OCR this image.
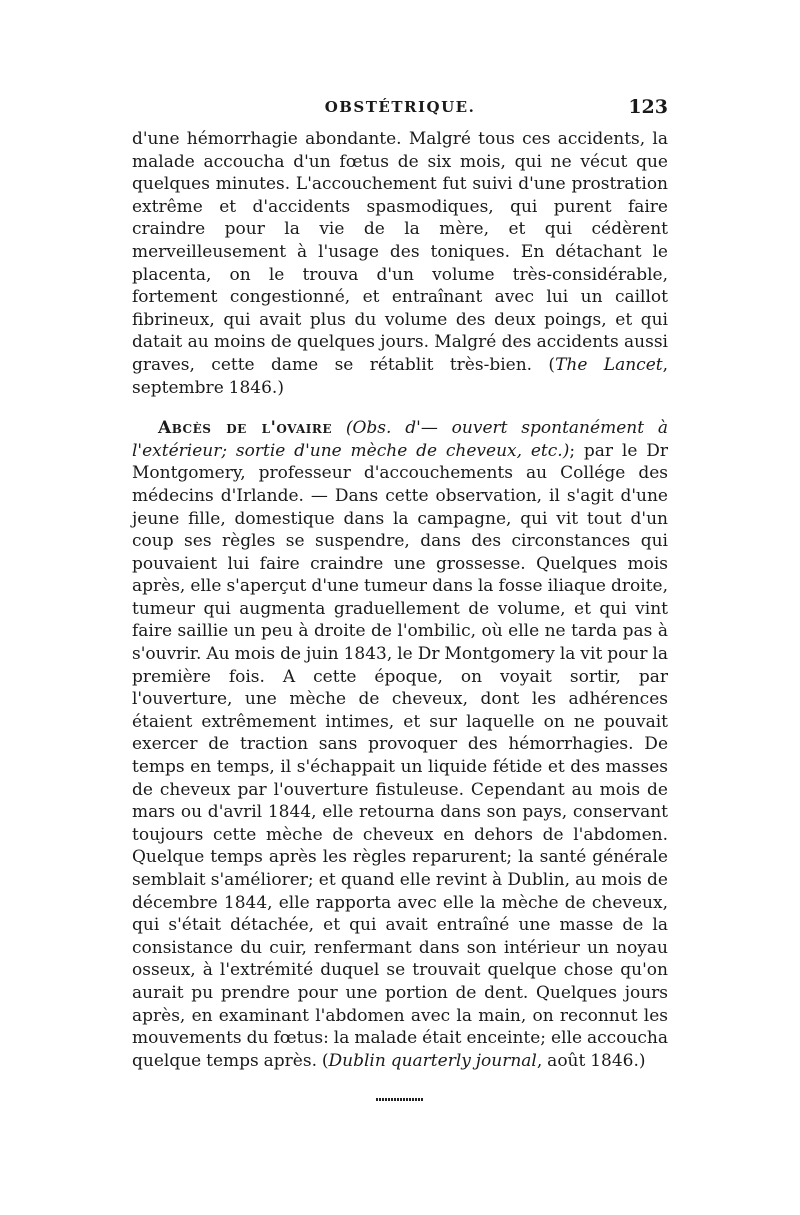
OBSTÉTRIQUE.	123

d'une hémorrhagie abondante. Malgré tous ces accidents, la malade accoucha d'un fœtus de six mois, qui ne vécut que quelques minutes. L'accouchement fut suivi d'une prostration extrême et d'accidents spasmodiques, qui purent faire craindre pour la vie de la mère, et qui cédèrent merveilleusement à l'usage des toniques. En détachant le placenta, on le trouva d'un volume très-considérable, fortement congestionné, et entraînant avec lui un caillot fibrineux, qui avait plus du volume des deux poings, et qui datait au moins de quelques jours. Malgré des accidents aussi graves, cette dame se rétablit très-bien. (The Lancet, septembre 1846.)

Abcès de l'ovaire (Obs. d'— ouvert spontanément à l'extérieur; sortie d'une mèche de cheveux, etc.); par le Dr Montgomery, professeur d'accouchements au Collége des médecins d'Irlande. — Dans cette observation, il s'agit d'une jeune fille, domestique dans la campagne, qui vit tout d'un coup ses règles se suspendre, dans des circonstances qui pouvaient lui faire craindre une grossesse. Quelques mois après, elle s'aperçut d'une tumeur dans la fosse iliaque droite, tumeur qui augmenta graduellement de volume, et qui vint faire saillie un peu à droite de l'ombilic, où elle ne tarda pas à s'ouvrir. Au mois de juin 1843, le Dr Montgomery la vit pour la première fois. A cette époque, on voyait sortir, par l'ouverture, une mèche de cheveux, dont les adhérences étaient extrêmement intimes, et sur laquelle on ne pouvait exercer de traction sans provoquer des hémorrhagies. De temps en temps, il s'échappait un liquide fétide et des masses de cheveux par l'ouverture fistuleuse. Cependant au mois de mars ou d'avril 1844, elle retourna dans son pays, conservant toujours cette mèche de cheveux en dehors de l'abdomen. Quelque temps après les règles reparurent; la santé générale semblait s'améliorer; et quand elle revint à Dublin, au mois de décembre 1844, elle rapporta avec elle la mèche de cheveux, qui s'était détachée, et qui avait entraîné une masse de la consistance du cuir, renfermant dans son intérieur un noyau osseux, à l'extrémité duquel se trouvait quelque chose qu'on aurait pu prendre pour une portion de dent. Quelques jours après, en examinant l'abdomen avec la main, on reconnut les mouvements du fœtus: la malade était enceinte; elle accoucha quelque temps après. (Dublin quarterly journal, août 1846.)
